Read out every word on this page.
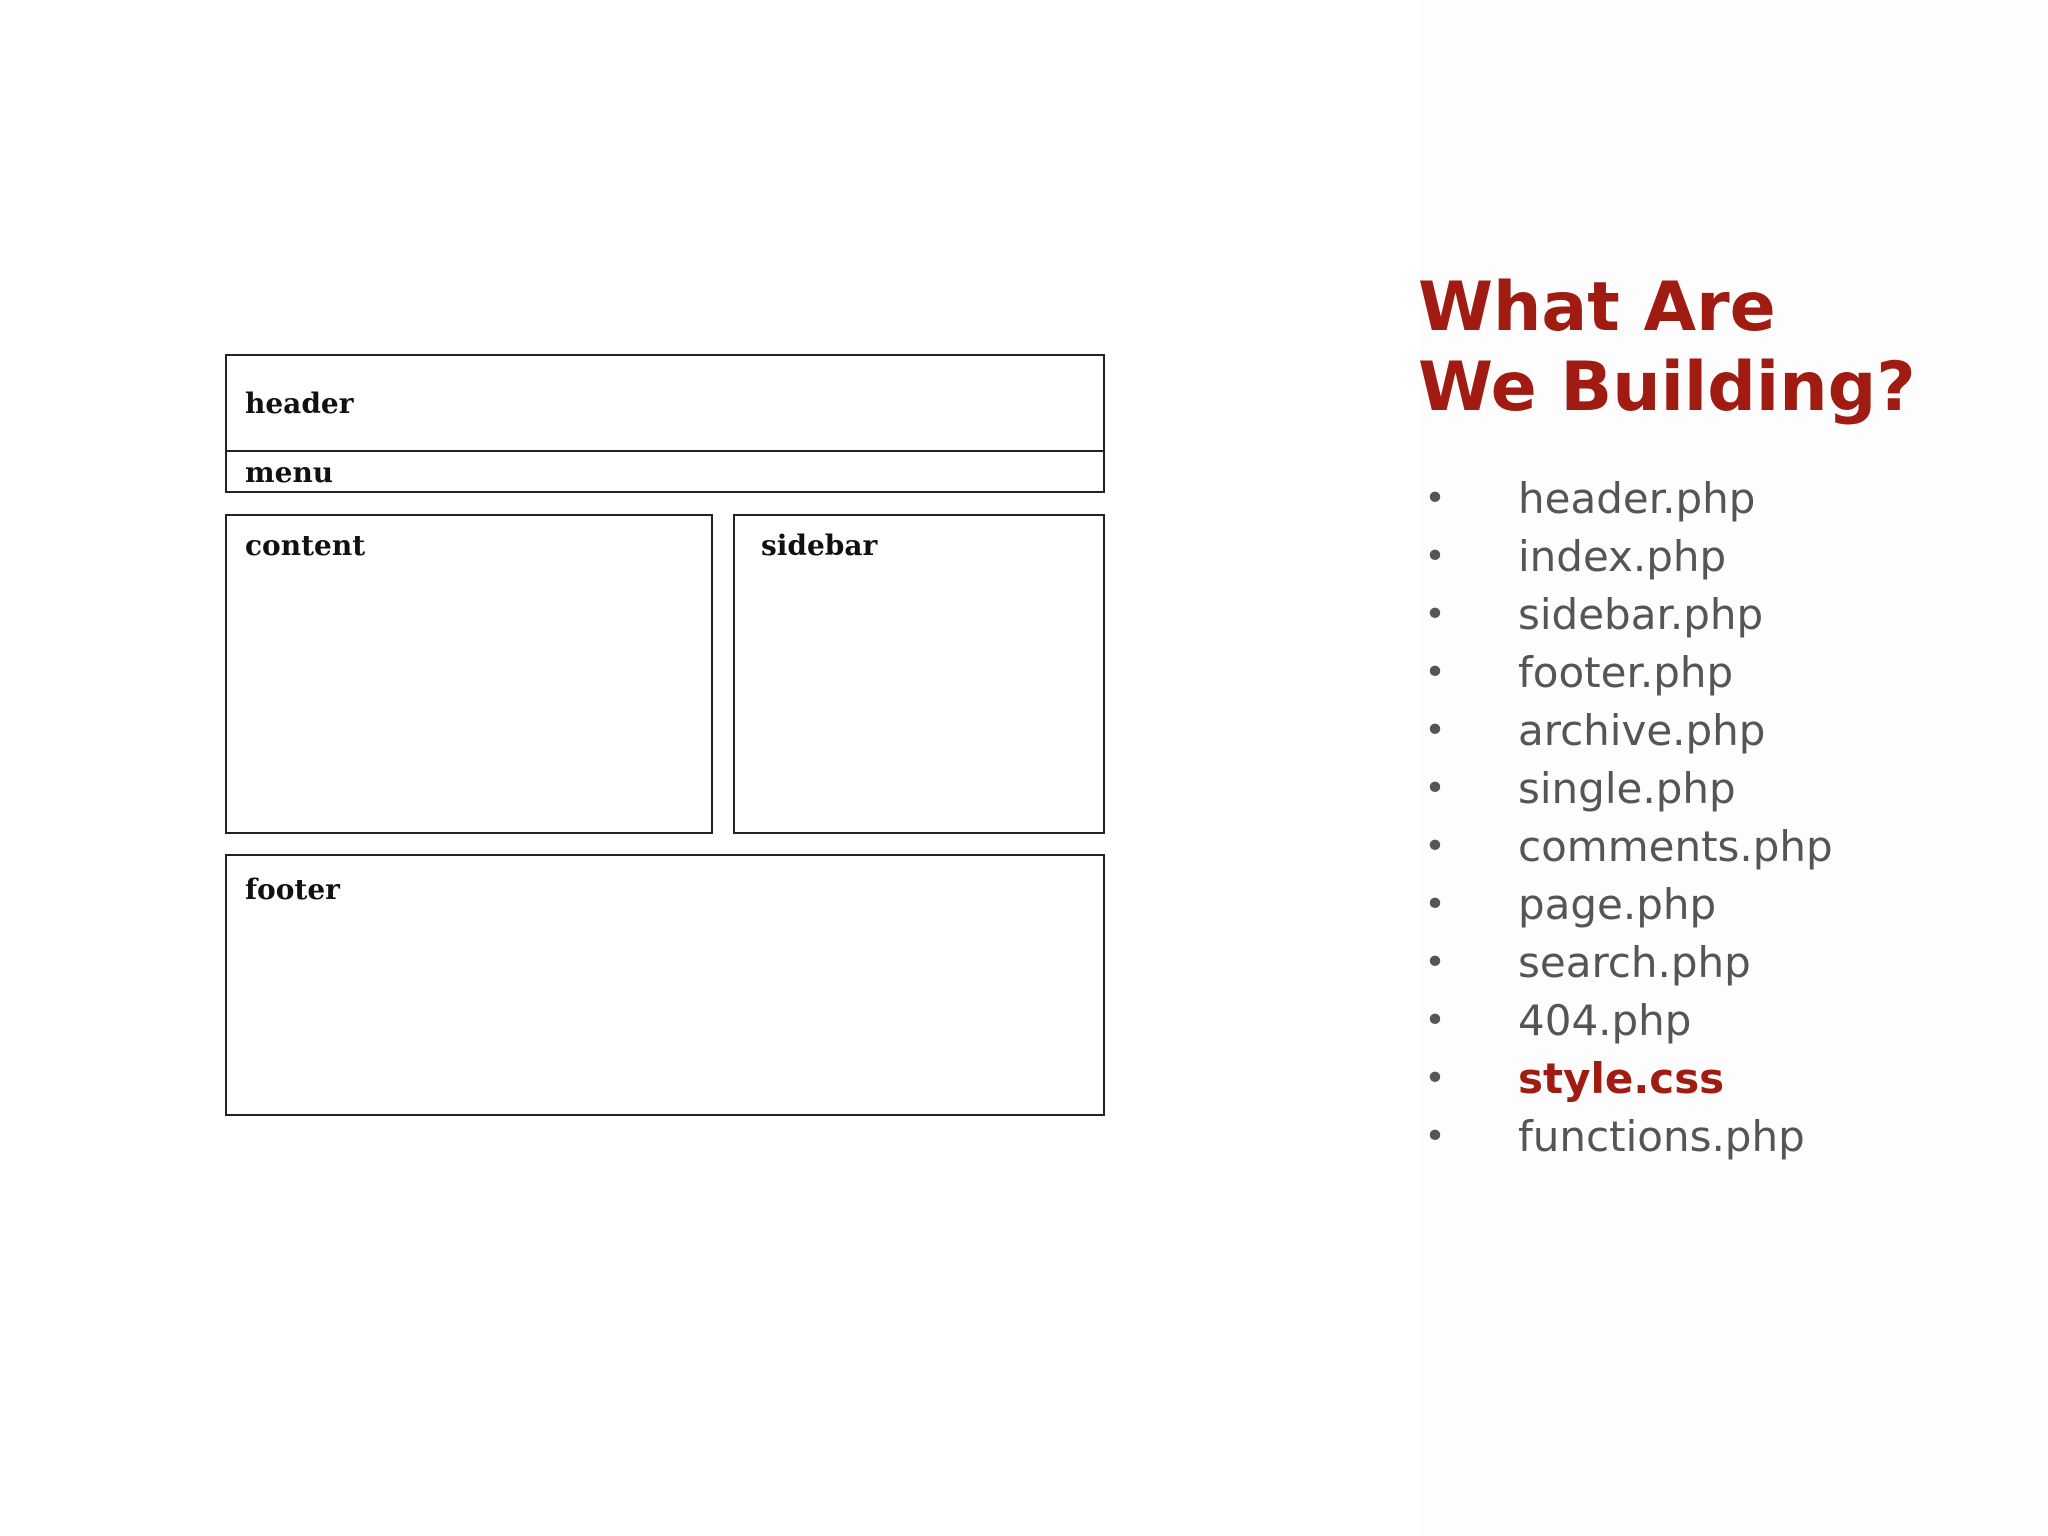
header
menu
content	sidebar
footer
What Are
We Building?
• header.php
• index.php
• sidebar.php
• footer.php
• archive.php
• single.php
• comments.php
• page.php
• search.php
• 404.php
• style.css
• functions.php
